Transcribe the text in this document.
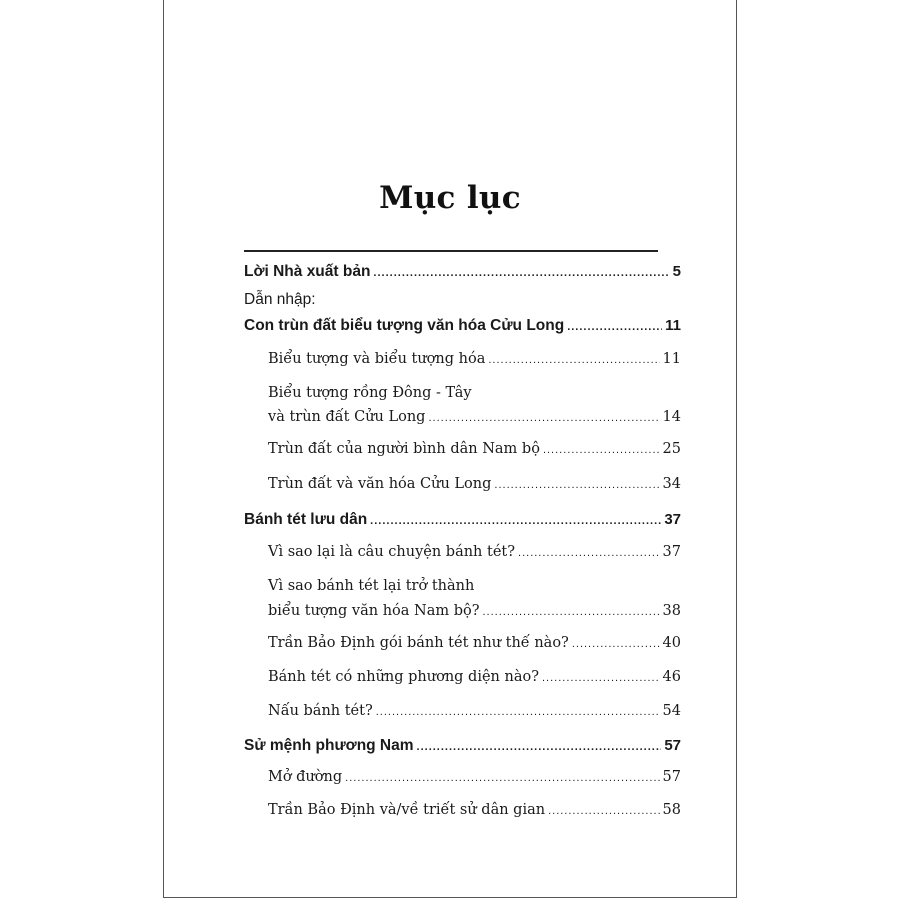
Mục lục
Lời Nhà xuất bản .....	5
Dẫn nhập:
Con trùn đất biểu tượng văn hóa Cửu Long .....	11
Biểu tượng và biểu tượng hóa .....	11
Biểu tượng rồng Đông - Tây
và trùn đất Cửu Long .....	14
Trùn đất của người bình dân Nam bộ .....	25
Trùn đất và văn hóa Cửu Long .....	34
Bánh tét lưu dân .....	37
Vì sao lại là câu chuyện bánh tét? .....	37
Vì sao bánh tét lại trở thành
biểu tượng văn hóa Nam bộ? .....	38
Trần Bảo Định gói bánh tét như thế nào? .....	40
Bánh tét có những phương diện nào? .....	46
Nấu bánh tét? .....	54
Sử mệnh phương Nam .....	57
Mở đường .....	57
Trần Bảo Định và/về triết sử dân gian .....	58
